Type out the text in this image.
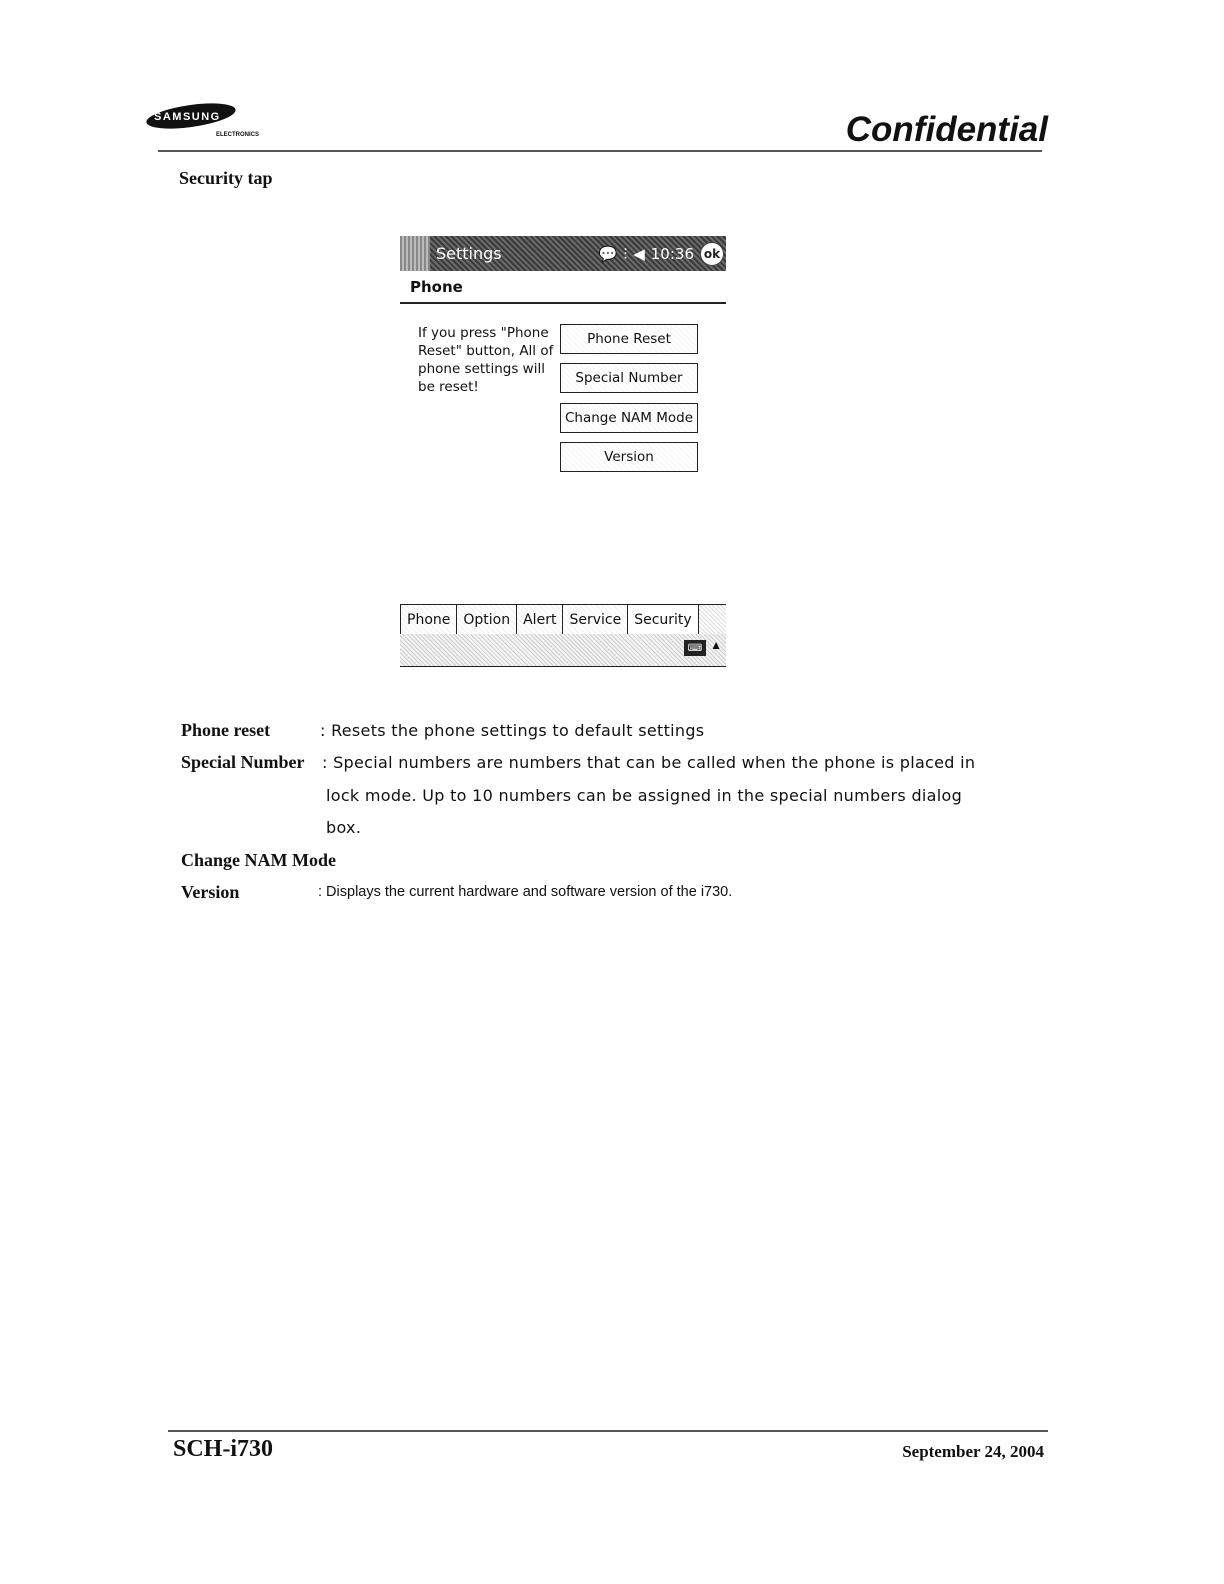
SAMSUNG
ELECTRONICS	Confidential
Security tap
Settings	💬 ⫶ ◀︎ 10:36 ok
Phone
If you press "Phone
Reset" button, All of
phone settings will
be reset!
Phone Reset
Special Number
Change NAM Mode
Version
Phone Option Alert Service Security
⌨ ▲
Phone reset	: Resets the phone settings to default settings
Special Number : Special numbers are numbers that can be called when the phone is placed in
lock mode. Up to 10 numbers can be assigned in the special numbers dialog
box.
Change NAM Mode
Version	: Displays the current hardware and software version of the i730.
SCH-i730	September 24, 2004
